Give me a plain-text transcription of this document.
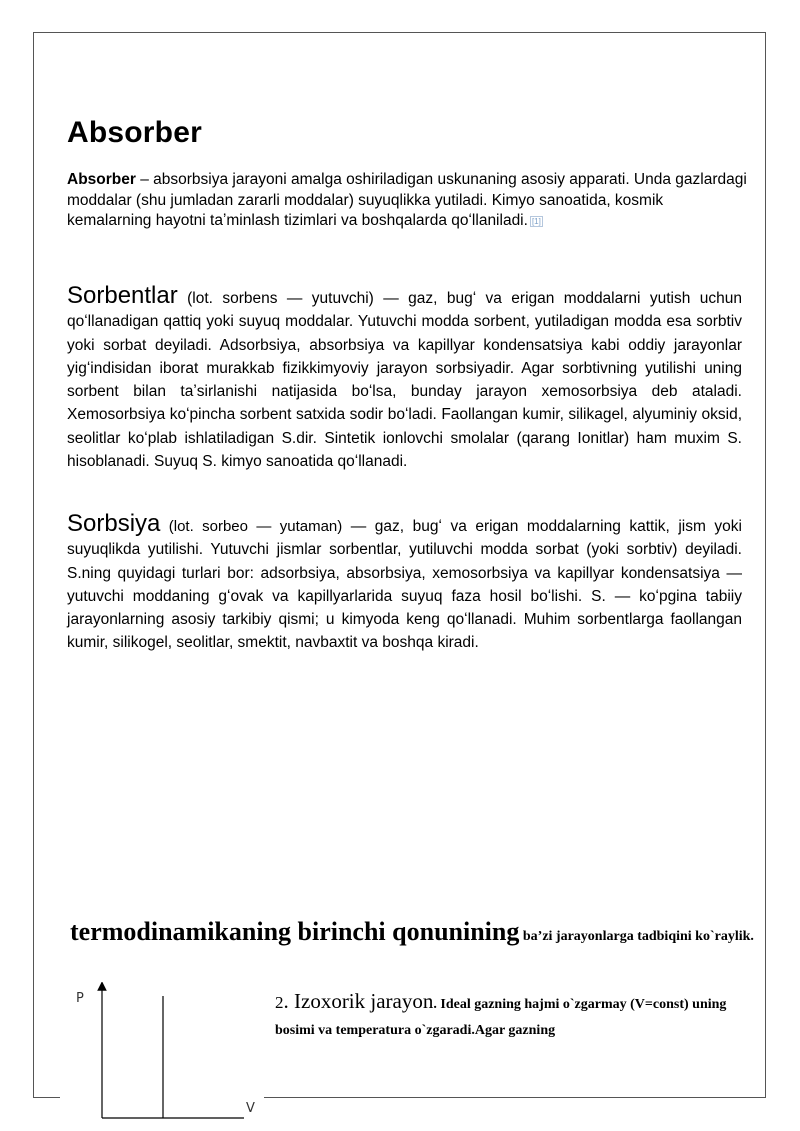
Absorber
Absorber – absorbsiya jarayoni amalga oshiriladigan uskunaning asosiy apparati. Unda gazlardagi moddalar (shu jumladan zararli moddalar) suyuqlikka yutiladi. Kimyo sanoatida, kosmik kemalarning hayotni taʼminlash tizimlari va boshqalarda qoʻllaniladi. [1]
Sorbentlar (lot. sorbens — yutuvchi) — gaz, bugʻ va erigan moddalarni yutish uchun qoʻllanadigan qattiq yoki suyuq moddalar. Yutuvchi modda sorbent, yutiladigan modda esa sorbtiv yoki sorbat deyiladi. Adsorbsiya, absorbsiya va kapillyar kondensatsiya kabi oddiy jarayonlar yigʻindisidan iborat murakkab fizikkimyoviy jarayon sorbsiyadir. Agar sorbtivning yutilishi uning sorbent bilan taʼsirlanishi natijasida boʻlsa, bunday jarayon xemosorbsiya deb ataladi. Xemosorbsiya koʻpincha sorbent satxida sodir boʻladi. Faollangan kumir, silikagel, alyuminiy oksid, seolitlar koʻplab ishlatiladigan S.dir. Sintetik ionlovchi smolalar (qarang Ionitlar) ham muxim S. hisoblanadi. Suyuq S. kimyo sanoatida qoʻllanadi.
Sorbsiya (lot. sorbeo — yutaman) — gaz, bugʻ va erigan moddalarning kattik, jism yoki suyuqlikda yutilishi. Yutuvchi jismlar sorbentlar, yutiluvchi modda sorbat (yoki sorbtiv) deyiladi. S.ning quyidagi turlari bor: adsorbsiya, absorbsiya, xemosorbsiya va kapillyar kondensatsiya — yutuvchi moddaning gʻovak va kapillyarlarida suyuq faza hosil boʻlishi. S. — koʻpgina tabiiy jarayonlarning asosiy tarkibiy qismi; u kimyoda keng qoʻllanadi. Muhim sorbentlarga faollangan kumir, silikogel, seolitlar, smektit, navbaxtit va boshqa kiradi.
termodinamikaning birinchi qonunining ba’zi jarayonlarga tadbiqini ko`raylik.
P
V
2. Izoxorik jarayon. Ideal gazning hajmi o`zgarmay (V=const) uning bosimi va temperatura o`zgaradi.Agar gazning
